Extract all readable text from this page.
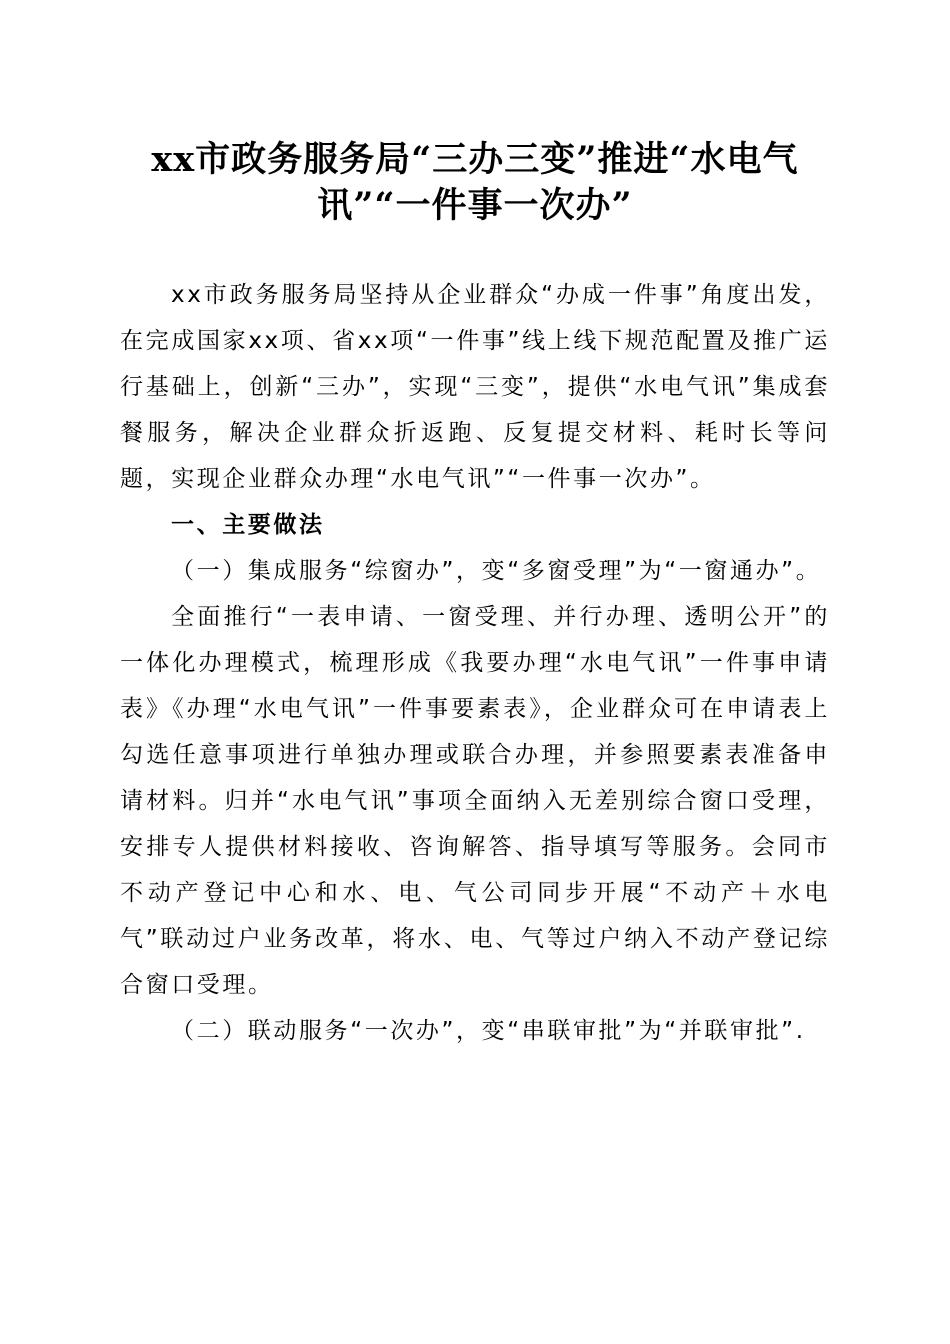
xx市政务服务局“三办三变”推进“水电气
讯”“一件事一次办”

xx市政务服务局坚持从企业群众“办成一件事”角度出发，在完成国家xx项、省xx项“一件事”线上线下规范配置及推广运行基础上，创新“三办”，实现“三变”，提供“水电气讯”集成套餐服务，解决企业群众折返跑、反复提交材料、耗时长等问题，实现企业群众办理“水电气讯”“一件事一次办”。

一、主要做法

（一）集成服务“综窗办”，变“多窗受理”为“一窗通办”。

全面推行“一表申请、一窗受理、并行办理、透明公开”的一体化办理模式，梳理形成《我要办理“水电气讯”一件事申请表》《办理“水电气讯”一件事要素表》，企业群众可在申请表上勾选任意事项进行单独办理或联合办理，并参照要素表准备申请材料。归并“水电气讯”事项全面纳入无差别综合窗口受理，安排专人提供材料接收、咨询解答、指导填写等服务。会同市不动产登记中心和水、电、气公司同步开展“不动产＋水电气”联动过户业务改革，将水、电、气等过户纳入不动产登记综合窗口受理。

（二）联动服务“一次办”，变“串联审批”为“并联审批”.
